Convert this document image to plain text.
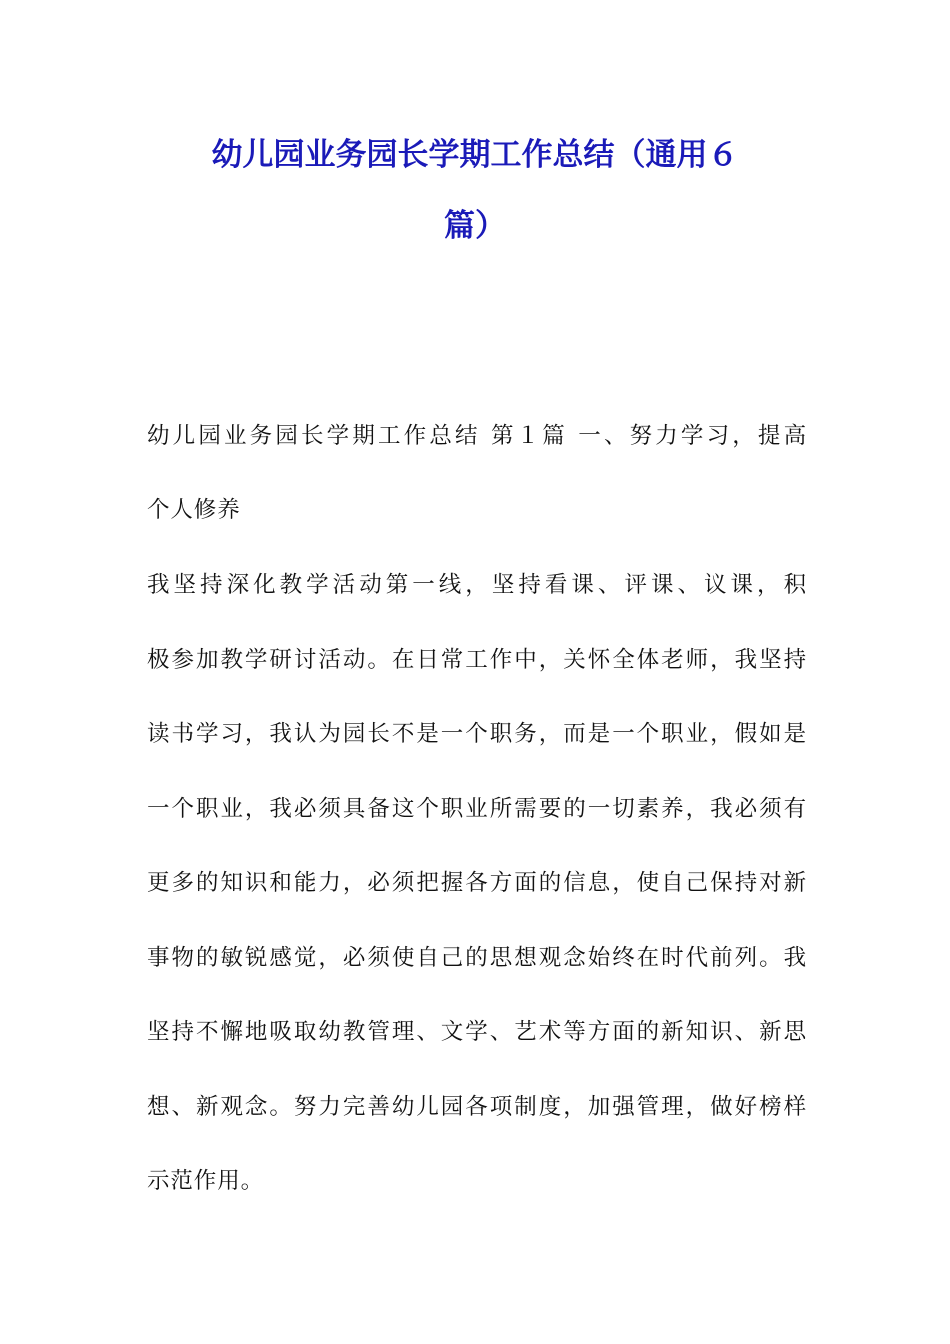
幼儿园业务园长学期工作总结（通用６
篇）
幼儿园业务园长学期工作总结 第１篇 一、努力学习，提高
个人修养
我坚持深化教学活动第一线，坚持看课、评课、议课，积
极参加教学研讨活动。在日常工作中，关怀全体老师，我坚持
读书学习，我认为园长不是一个职务，而是一个职业，假如是
一个职业，我必须具备这个职业所需要的一切素养，我必须有
更多的知识和能力，必须把握各方面的信息，使自己保持对新
事物的敏锐感觉，必须使自己的思想观念始终在时代前列。我
坚持不懈地吸取幼教管理、文学、艺术等方面的新知识、新思
想、新观念。努力完善幼儿园各项制度，加强管理，做好榜样
示范作用。
